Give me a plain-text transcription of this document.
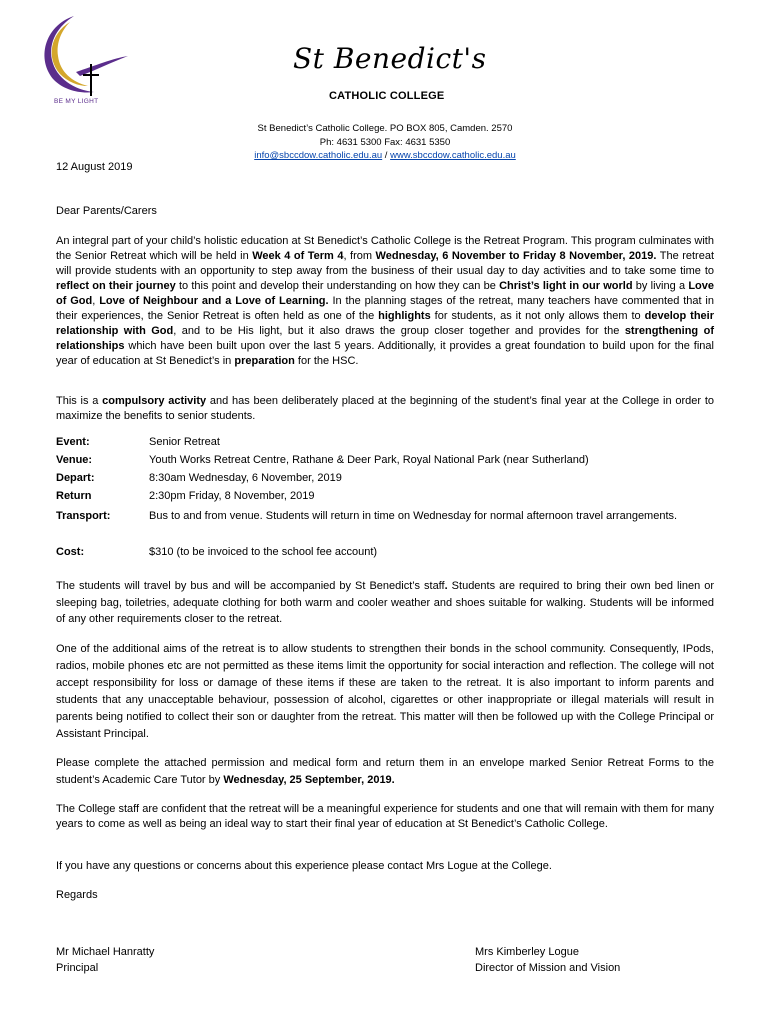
BE MY LIGHT
St Benedict's
CATHOLIC COLLEGE
St Benedict’s Catholic College. PO BOX 805, Camden. 2570
Ph: 4631 5300 Fax: 4631 5350
info@sbccdow.catholic.edu.au / www.sbccdow.catholic.edu.au
12 August 2019
Dear Parents/Carers
An integral part of your child’s holistic education at St Benedict’s Catholic College is the Retreat Program. This program culminates with the Senior Retreat which will be held in Week 4 of Term 4, from Wednesday, 6 November to Friday 8 November, 2019. The retreat will provide students with an opportunity to step away from the business of their usual day to day activities and to take some time to reflect on their journey to this point and develop their understanding on how they can be Christ’s light in our world by living a Love of God, Love of Neighbour and a Love of Learning. In the planning stages of the retreat, many teachers have commented that in their experiences, the Senior Retreat is often held as one of the highlights for students, as it not only allows them to develop their relationship with God, and to be His light, but it also draws the group closer together and provides for the strengthening of relationships which have been built upon over the last 5 years. Additionally, it provides a great foundation to build upon for the final year of education at St Benedict’s in preparation for the HSC.
This is a compulsory activity and has been deliberately placed at the beginning of the student’s final year at the College in order to maximize the benefits to senior students.
Event:	Senior Retreat
Venue:	Youth Works Retreat Centre, Rathane & Deer Park, Royal National Park (near Sutherland)
Depart:	8:30am Wednesday, 6 November, 2019
Return	2:30pm Friday, 8 November, 2019
Transport:	Bus to and from venue. Students will return in time on Wednesday for normal afternoon travel arrangements.
Cost:	$310 (to be invoiced to the school fee account)
The students will travel by bus and will be accompanied by St Benedict’s staff. Students are required to bring their own bed linen or sleeping bag, toiletries, adequate clothing for both warm and cooler weather and shoes suitable for walking. Students will be informed of any other requirements closer to the retreat.
One of the additional aims of the retreat is to allow students to strengthen their bonds in the school community. Consequently, IPods, radios, mobile phones etc are not permitted as these items limit the opportunity for social interaction and reflection. The college will not accept responsibility for loss or damage of these items if these are taken to the retreat. It is also important to inform parents and students that any unacceptable behaviour, possession of alcohol, cigarettes or other inappropriate or illegal materials will result in parents being notified to collect their son or daughter from the retreat. This matter will then be followed up with the College Principal or Assistant Principal.
Please complete the attached permission and medical form and return them in an envelope marked Senior Retreat Forms to the student’s Academic Care Tutor by Wednesday, 25 September, 2019.
The College staff are confident that the retreat will be a meaningful experience for students and one that will remain with them for many years to come as well as being an ideal way to start their final year of education at St Benedict’s Catholic College.
If you have any questions or concerns about this experience please contact Mrs Logue at the College.
Regards
Mr Michael Hanratty
Principal
Mrs Kimberley Logue
Director of Mission and Vision
